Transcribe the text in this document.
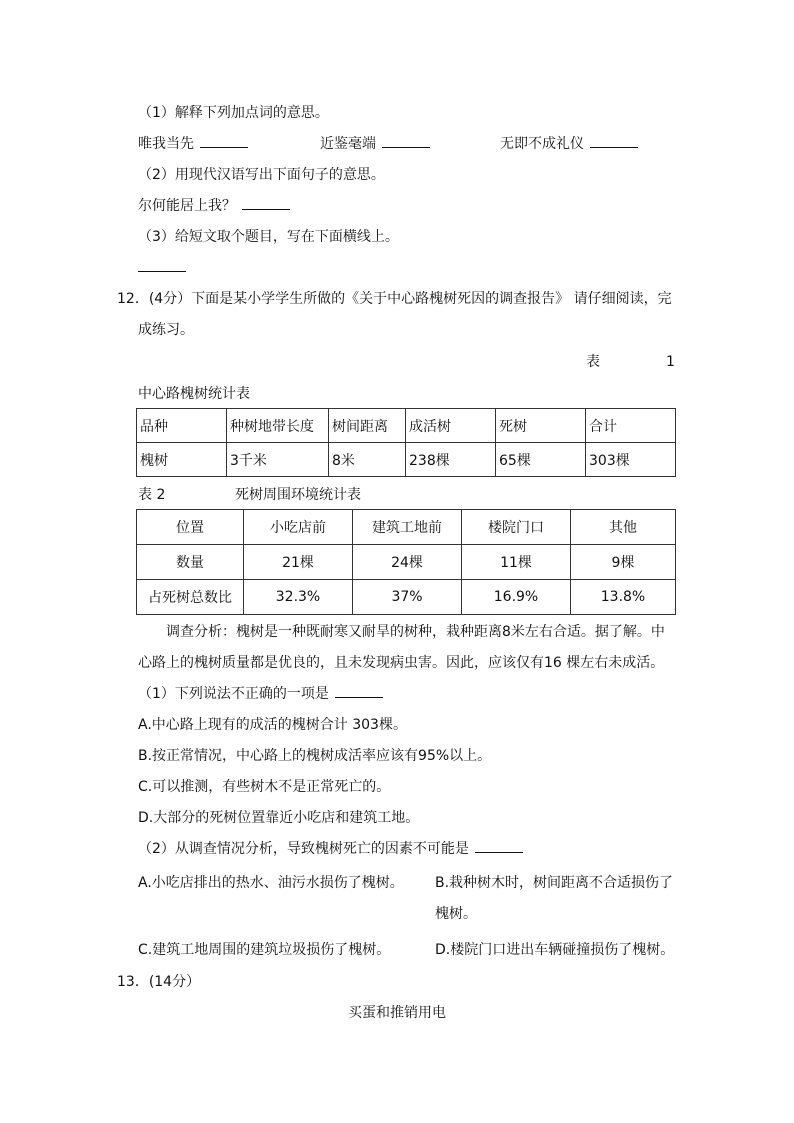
（1）解释下列加点词的意思。
唯我当先	近鉴毫端	无即不成礼仪
（2）用现代汉语写出下面句子的意思。
尔何能居上我？
（3）给短文取个题目，写在下面横线上。
12．(4分）下面是某小学学生所做的《关于中心路槐树死因的调查报告》 请仔细阅读，完
成练习。
表	1
中心路槐树统计表
品种	种树地带长度	树间距离	成活树	死树	合计
槐树	3千米	8米	238棵	65棵	303棵
表 2	死树周围环境统计表
位置	小吃店前	建筑工地前	楼院门口	其他
数量	21棵	24棵	11棵	9棵
占死树总数比	32.3%	37%	16.9%	13.8%
调查分析：槐树是一种既耐寒又耐旱的树种，栽种距离8米左右合适。据了解。中
心路上的槐树质量都是优良的，且未发现病虫害。因此，应该仅有16 棵左右未成活。
（1）下列说法不正确的一项是
A.中心路上现有的成活的槐树合计 303棵。
B.按正常情况，中心路上的槐树成活率应该有95%以上。
C.可以推测，有些树木不是正常死亡的。
D.大部分的死树位置靠近小吃店和建筑工地。
（2）从调查情况分析，导致槐树死亡的因素不可能是
A.小吃店排出的热水、油污水损伤了槐树。 B.栽种树木时，树间距离不合适损伤了
槐树。
C.建筑工地周围的建筑垃圾损伤了槐树。	D.楼院门口进出车辆碰撞损伤了槐树。
13．(14分）
买蛋和推销用电
